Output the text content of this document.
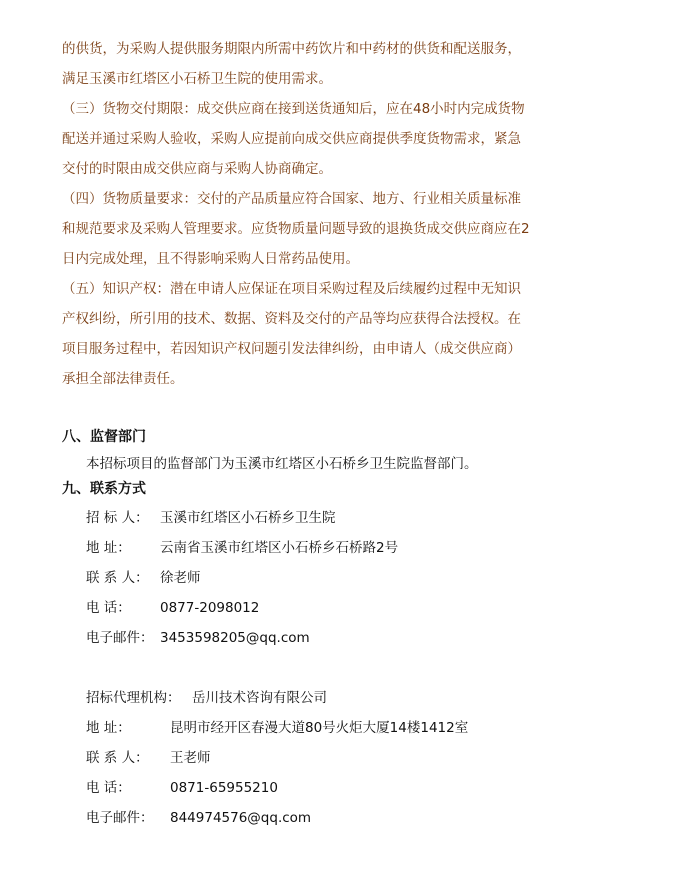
的供货，为采购人提供服务期限内所需中药饮片和中药材的供货和配送服务，
满足玉溪市红塔区小石桥卫生院的使用需求。
（三）货物交付期限：成交供应商在接到送货通知后，应在48小时内完成货物
配送并通过采购人验收，采购人应提前向成交供应商提供季度货物需求，紧急
交付的时限由成交供应商与采购人协商确定。
（四）货物质量要求：交付的产品质量应符合国家、地方、行业相关质量标准
和规范要求及采购人管理要求。应货物质量问题导致的退换货成交供应商应在2
日内完成处理，且不得影响采购人日常药品使用。
（五）知识产权：潜在申请人应保证在项目采购过程及后续履约过程中无知识
产权纠纷，所引用的技术、数据、资料及交付的产品等均应获得合法授权。在
项目服务过程中，若因知识产权问题引发法律纠纷，由申请人（成交供应商）
承担全部法律责任。
八、监督部门
本招标项目的监督部门为玉溪市红塔区小石桥乡卫生院监督部门。
九、联系方式
招 标 人： 玉溪市红塔区小石桥乡卫生院
地 址： 云南省玉溪市红塔区小石桥乡石桥路2号
联 系 人： 徐老师
电 话： 0877-2098012
电子邮件： 3453598205@qq.com
招标代理机构： 岳川技术咨询有限公司
地 址：	昆明市经开区春漫大道80号火炬大厦14楼1412室
联 系 人： 王老师
电 话：	0871-65955210
电子邮件： 844974576@qq.com
